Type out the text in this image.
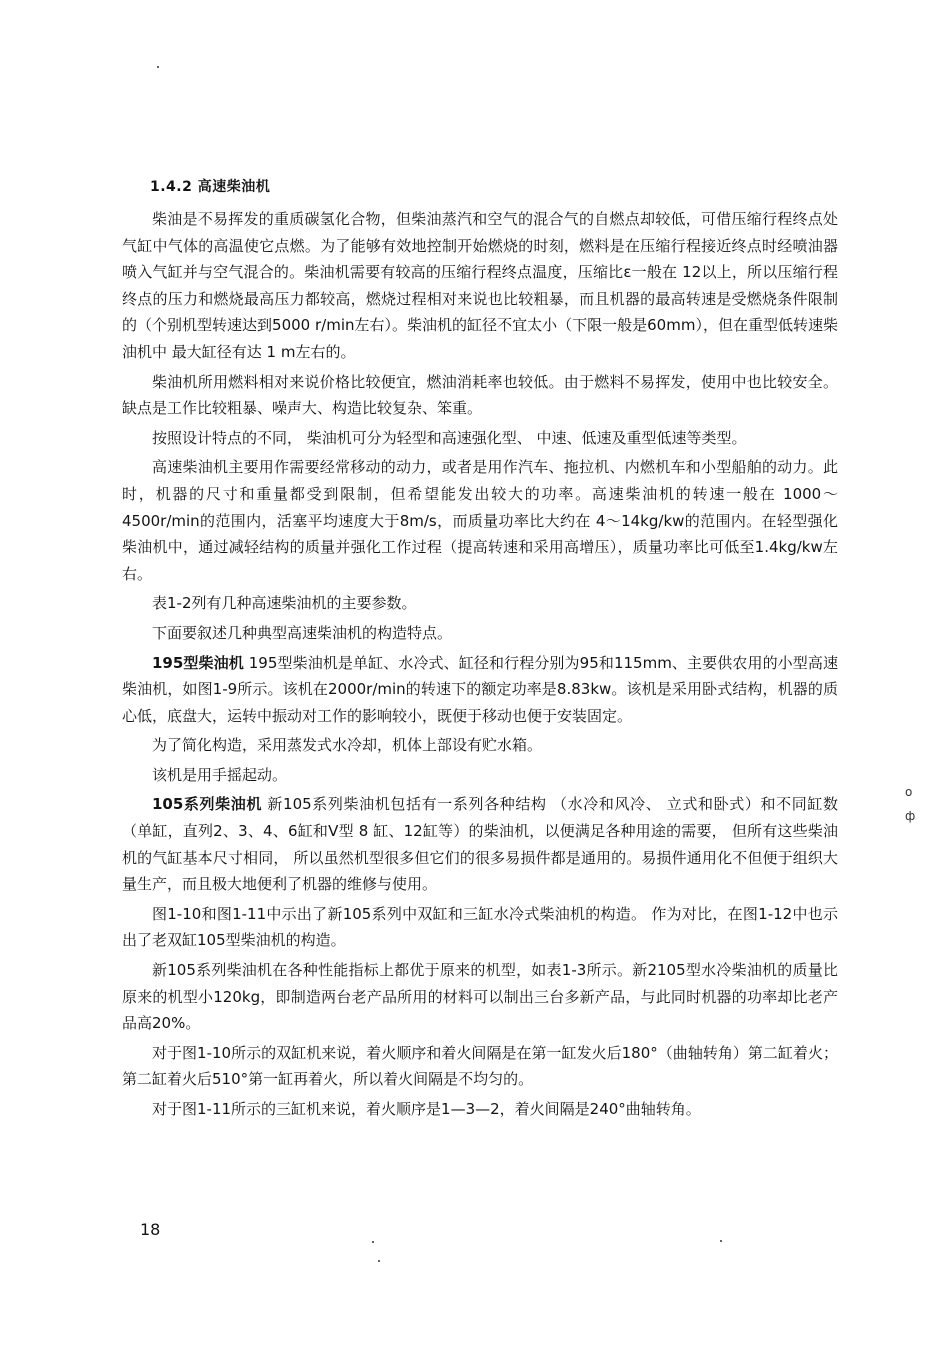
1.4.2 高速柴油机

柴油是不易挥发的重质碳氢化合物，但柴油蒸汽和空气的混合气的自燃点却较低，可借压缩行程终点处气缸中气体的高温使它点燃。为了能够有效地控制开始燃烧的时刻，燃料是在压缩行程接近终点时经喷油器喷入气缸并与空气混合的。柴油机需要有较高的压缩行程终点温度，压缩比ε一般在 12以上，所以压缩行程终点的压力和燃烧最高压力都较高，燃烧过程相对来说也比较粗暴，而且机器的最高转速是受燃烧条件限制的（个别机型转速达到5000 r/min左右）。柴油机的缸径不宜太小（下限一般是60mm），但在重型低转速柴油机中 最大缸径有达 1 m左右的。

柴油机所用燃料相对来说价格比较便宜，燃油消耗率也较低。由于燃料不易挥发，使用中也比较安全。缺点是工作比较粗暴、噪声大、构造比较复杂、笨重。

按照设计特点的不同， 柴油机可分为轻型和高速强化型、 中速、低速及重型低速等类型。

高速柴油机主要用作需要经常移动的动力，或者是用作汽车、拖拉机、内燃机车和小型船舶的动力。此时，机器的尺寸和重量都受到限制，但希望能发出较大的功率。高速柴油机的转速一般在 1000～4500r/min的范围内，活塞平均速度大于8m/s，而质量功率比大约在 4～14kg/kw的范围内。在轻型强化柴油机中，通过减轻结构的质量并强化工作过程（提高转速和采用高增压），质量功率比可低至1.4kg/kw左右。

表1-2列有几种高速柴油机的主要参数。

下面要叙述几种典型高速柴油机的构造特点。

195型柴油机 195型柴油机是单缸、水冷式、缸径和行程分别为95和115mm、主要供农用的小型高速柴油机，如图1-9所示。该机在2000r/min的转速下的额定功率是8.83kw。该机是采用卧式结构，机器的质心低，底盘大，运转中振动对工作的影响较小，既便于移动也便于安装固定。

为了简化构造，采用蒸发式水冷却，机体上部设有贮水箱。

该机是用手摇起动。

105系列柴油机 新105系列柴油机包括有一系列各种结构 （水冷和风冷、 立式和卧式）和不同缸数（单缸，直列2、3、4、6缸和V型 8 缸、12缸等）的柴油机，以便满足各种用途的需要， 但所有这些柴油机的气缸基本尺寸相同， 所以虽然机型很多但它们的很多易损件都是通用的。易损件通用化不但便于组织大量生产，而且极大地便利了机器的维修与使用。

图1-10和图1-11中示出了新105系列中双缸和三缸水冷式柴油机的构造。 作为对比，在图1-12中也示出了老双缸105型柴油机的构造。

新105系列柴油机在各种性能指标上都优于原来的机型，如表1-3所示。新2105型水冷柴油机的质量比原来的机型小120kg，即制造两台老产品所用的材料可以制出三台多新产品，与此同时机器的功率却比老产品高20%。

对于图1-10所示的双缸机来说，着火顺序和着火间隔是在第一缸发火后180°（曲轴转角）第二缸着火；第二缸着火后510°第一缸再着火，所以着火间隔是不均匀的。

对于图1-11所示的三缸机来说，着火顺序是1—3—2，着火间隔是240°曲轴转角。

о
ф
18
